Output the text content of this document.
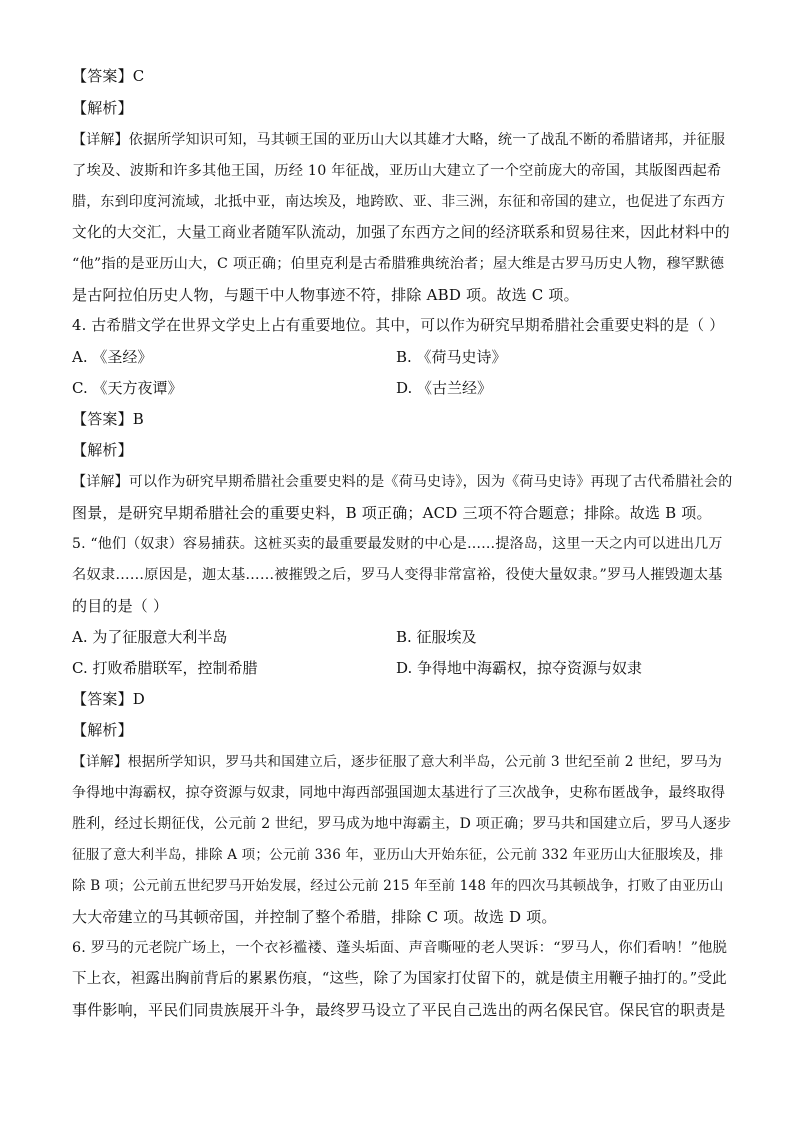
【答案】C
【解析】
【详解】依据所学知识可知，马其顿王国的亚历山大以其雄才大略，统一了战乱不断的希腊诸邦，并征服
了埃及、波斯和许多其他王国，历经 10 年征战，亚历山大建立了一个空前庞大的帝国，其版图西起希
腊，东到印度河流域，北抵中亚，南达埃及，地跨欧、亚、非三洲，东征和帝国的建立，也促进了东西方
文化的大交汇，大量工商业者随军队流动，加强了东西方之间的经济联系和贸易往来，因此材料中的
“他”指的是亚历山大，C 项正确；伯里克利是古希腊雅典统治者；屋大维是古罗马历史人物，穆罕默德
是古阿拉伯历史人物，与题干中人物事迹不符，排除 ABD 项。故选 C 项。
4. 古希腊文学在世界文学史上占有重要地位。其中，可以作为研究早期希腊社会重要史料的是（ ）
A. 《圣经》	B. 《荷马史诗》
C. 《天方夜谭》	D. 《古兰经》
【答案】B
【解析】
【详解】可以作为研究早期希腊社会重要史料的是《荷马史诗》，因为《荷马史诗》再现了古代希腊社会的
图景，是研究早期希腊社会的重要史料，B 项正确；ACD 三项不符合题意；排除。故选 B 项。
5. “他们（奴隶）容易捕获。这桩买卖的最重要最发财的中心是……提洛岛，这里一天之内可以进出几万
名奴隶……原因是，迦太基……被摧毁之后，罗马人变得非常富裕，役使大量奴隶。”罗马人摧毁迦太基
的目的是（ ）
A. 为了征服意大利半岛	B. 征服埃及
C. 打败希腊联军，控制希腊	D. 争得地中海霸权，掠夺资源与奴隶
【答案】D
【解析】
【详解】根据所学知识，罗马共和国建立后，逐步征服了意大利半岛，公元前 3 世纪至前 2 世纪，罗马为
争得地中海霸权，掠夺资源与奴隶，同地中海西部强国迦太基进行了三次战争，史称布匿战争，最终取得
胜利，经过长期征伐，公元前 2 世纪，罗马成为地中海霸主，D 项正确；罗马共和国建立后，罗马人逐步
征服了意大利半岛，排除 A 项；公元前 336 年，亚历山大开始东征，公元前 332 年亚历山大征服埃及，排
除 B 项；公元前五世纪罗马开始发展，经过公元前 215 年至前 148 年的四次马其顿战争，打败了由亚历山
大大帝建立的马其顿帝国，并控制了整个希腊，排除 C 项。故选 D 项。
6. 罗马的元老院广场上，一个衣衫褴褛、蓬头垢面、声音嘶哑的老人哭诉：“罗马人，你们看呐！”他脱
下上衣，袒露出胸前背后的累累伤痕，“这些，除了为国家打仗留下的，就是债主用鞭子抽打的。”受此
事件影响，平民们同贵族展开斗争，最终罗马设立了平民自己选出的两名保民官。保民官的职责是
